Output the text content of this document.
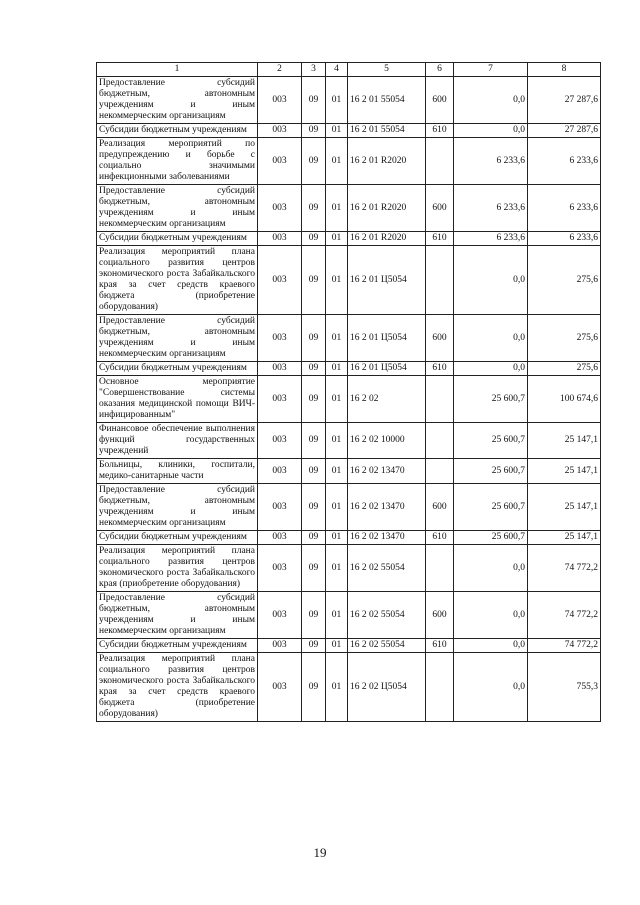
1	2	3	4	5	6	7	8
Предоставление субсидий бюджетным, автономным учреждениям и иным некоммерческим организациям	003	09	01	16 2 01 55054	600	0,0	27 287,6
Субсидии бюджетным учреждениям	003	09	01	16 2 01 55054	610	0,0	27 287,6
Реализация мероприятий по предупреждению и борьбе с социально значимыми инфекционными заболеваниями	003	09	01	16 2 01 R2020		6 233,6	6 233,6
Предоставление субсидий бюджетным, автономным учреждениям и иным некоммерческим организациям	003	09	01	16 2 01 R2020	600	6 233,6	6 233,6
Субсидии бюджетным учреждениям	003	09	01	16 2 01 R2020	610	6 233,6	6 233,6
Реализация мероприятий плана социального развития центров экономического роста Забайкальского края за счет средств краевого бюджета (приобретение оборудования)	003	09	01	16 2 01 Ц5054		0,0	275,6
Предоставление субсидий бюджетным, автономным учреждениям и иным некоммерческим организациям	003	09	01	16 2 01 Ц5054	600	0,0	275,6
Субсидии бюджетным учреждениям	003	09	01	16 2 01 Ц5054	610	0,0	275,6
Основное мероприятие "Совершенствование системы оказания медицинской помощи ВИЧ-инфицированным"	003	09	01	16 2 02		25 600,7	100 674,6
Финансовое обеспечение выполнения функций государственных учреждений	003	09	01	16 2 02 10000		25 600,7	25 147,1
Больницы, клиники, госпитали, медико-санитарные части	003	09	01	16 2 02 13470		25 600,7	25 147,1
Предоставление субсидий бюджетным, автономным учреждениям и иным некоммерческим организациям	003	09	01	16 2 02 13470	600	25 600,7	25 147,1
Субсидии бюджетным учреждениям	003	09	01	16 2 02 13470	610	25 600,7	25 147,1
Реализация мероприятий плана социального развития центров экономического роста Забайкальского края (приобретение оборудования)	003	09	01	16 2 02 55054		0,0	74 772,2
Предоставление субсидий бюджетным, автономным учреждениям и иным некоммерческим организациям	003	09	01	16 2 02 55054	600	0,0	74 772,2
Субсидии бюджетным учреждениям	003	09	01	16 2 02 55054	610	0,0	74 772,2
Реализация мероприятий плана социального развития центров экономического роста Забайкальского края за счет средств краевого бюджета (приобретение оборудования)	003	09	01	16 2 02 Ц5054		0,0	755,3
19
